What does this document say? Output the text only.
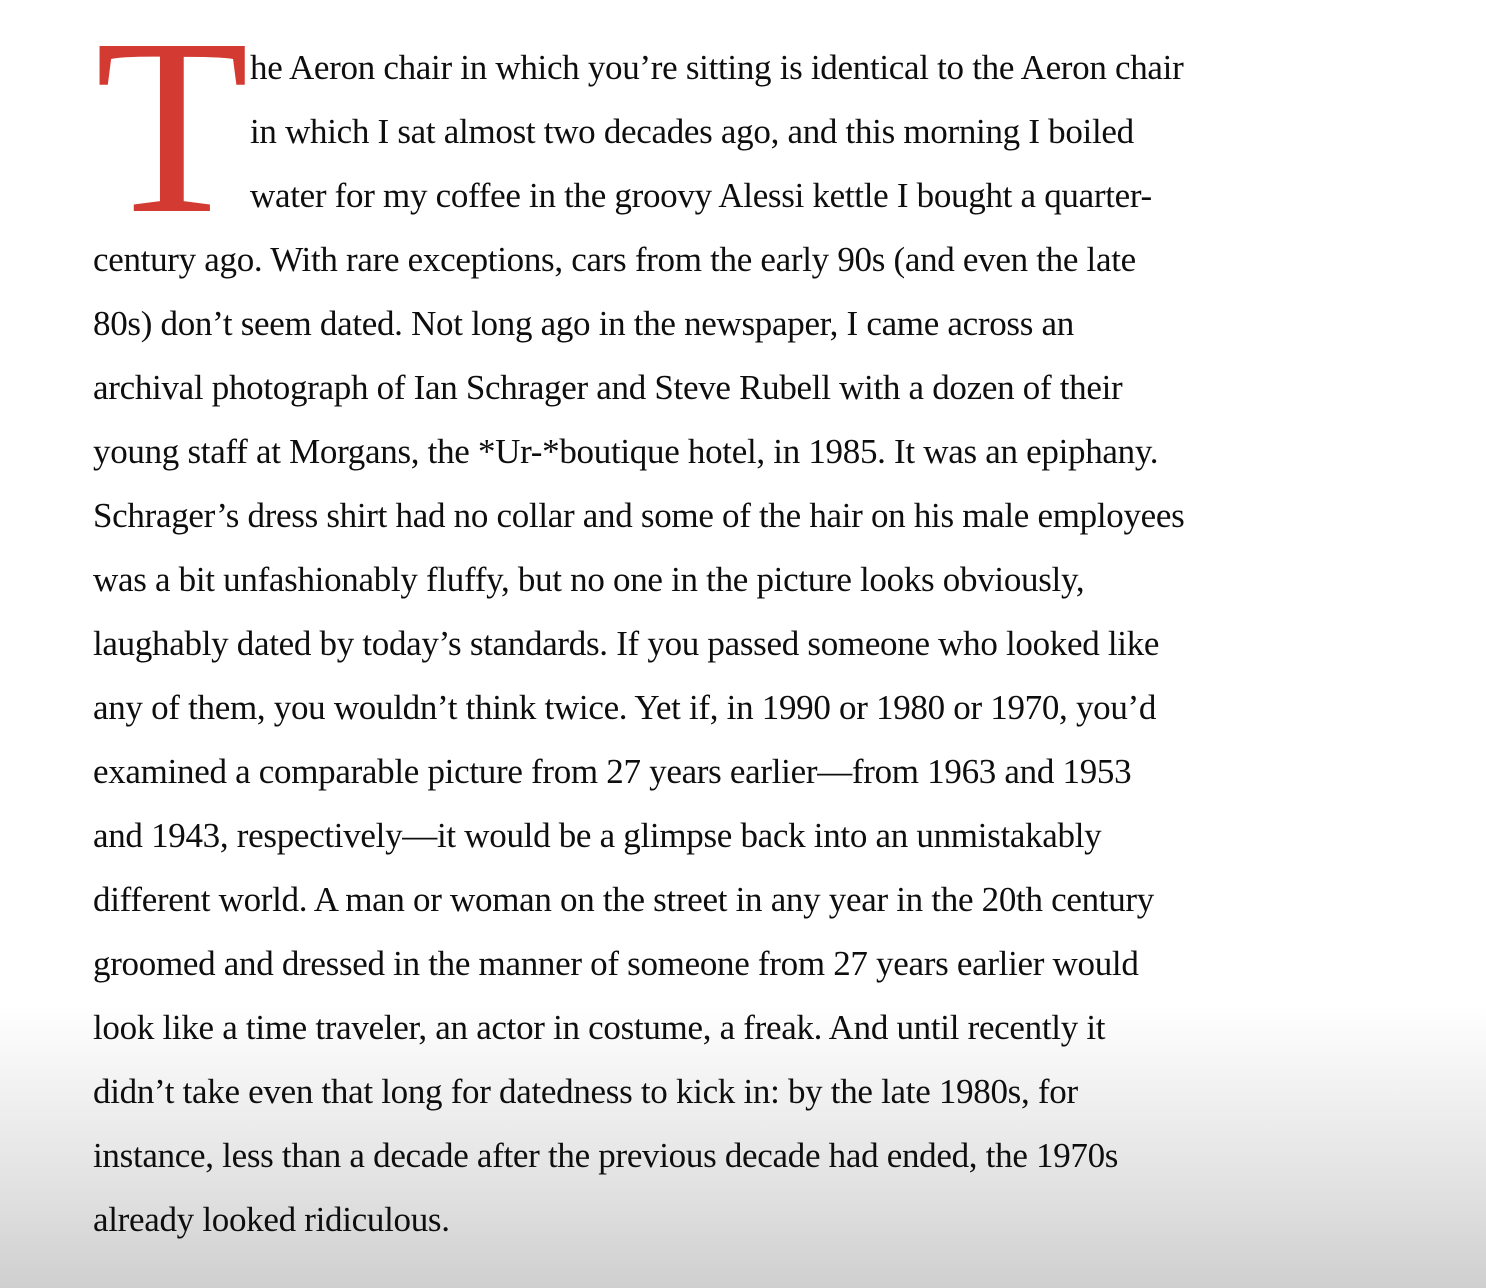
T he Aeron chair in which you’re sitting is identical to the Aeron chair
in which I sat almost two decades ago, and this morning I boiled
water for my coffee in the groovy Alessi kettle I bought a quarter-
century ago. With rare exceptions, cars from the early 90s (and even the late
80s) don’t seem dated. Not long ago in the newspaper, I came across an
archival photograph of Ian Schrager and Steve Rubell with a dozen of their
young staff at Morgans, the *Ur-*boutique hotel, in 1985. It was an epiphany.
Schrager’s dress shirt had no collar and some of the hair on his male employees
was a bit unfashionably fluffy, but no one in the picture looks obviously,
laughably dated by today’s standards. If you passed someone who looked like
any of them, you wouldn’t think twice. Yet if, in 1990 or 1980 or 1970, you’d
examined a comparable picture from 27 years earlier—from 1963 and 1953
and 1943, respectively—it would be a glimpse back into an unmistakably
different world. A man or woman on the street in any year in the 20th century
groomed and dressed in the manner of someone from 27 years earlier would
look like a time traveler, an actor in costume, a freak. And until recently it
didn’t take even that long for datedness to kick in: by the late 1980s, for
instance, less than a decade after the previous decade had ended, the 1970s
already looked ridiculous.
